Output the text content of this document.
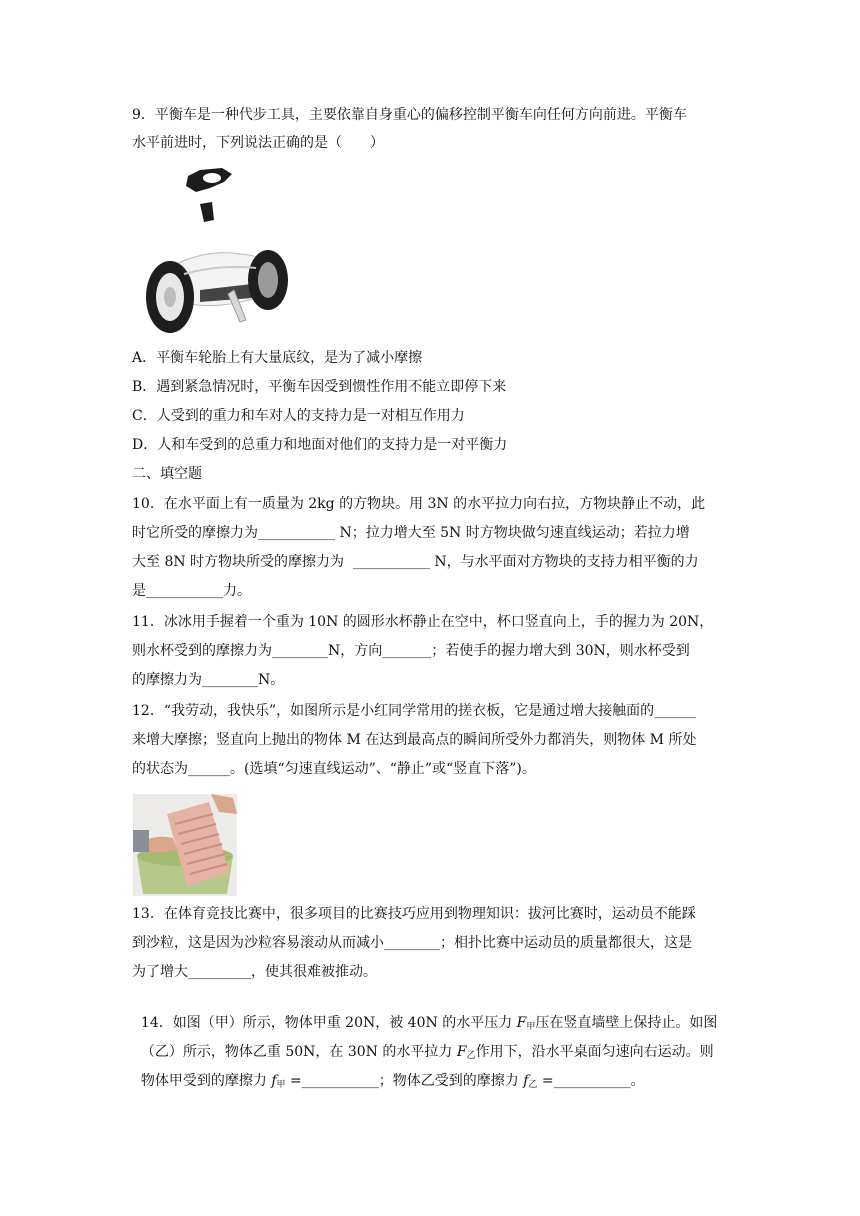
9．平衡车是一种代步工具，主要依靠自身重心的偏移控制平衡车向任何方向前进。平衡车
水平前进时，下列说法正确的是（　　）
A．平衡车轮胎上有大量底纹，是为了减小摩擦
B．遇到紧急情况时，平衡车因受到惯性作用不能立即停下来
C．人受到的重力和车对人的支持力是一对相互作用力
D．人和车受到的总重力和地面对他们的支持力是一对平衡力
二、填空题
10．在水平面上有一质量为 2kg 的方物块。用 3N 的水平拉力向右拉，方物块静止不动，此
时它所受的摩擦力为___________ N；拉力增大至 5N 时方物块做匀速直线运动；若拉力增
大至 8N 时方物块所受的摩擦力为  ___________ N，与水平面对方物块的支持力相平衡的力
是___________力。
11．冰冰用手握着一个重为 10N 的圆形水杯静止在空中，杯口竖直向上，手的握力为 20N，
则水杯受到的摩擦力为________N，方向_______；若使手的握力增大到 30N，则水杯受到
的摩擦力为________N。
12．“我劳动，我快乐”，如图所示是小红同学常用的搓衣板，它是通过增大接触面的______
来增大摩擦；竖直向上抛出的物体 M 在达到最高点的瞬间所受外力都消失，则物体 M 所处
的状态为______。(选填“匀速直线运动”、“静止”或“竖直下落”)。
13．在体育竞技比赛中，很多项目的比赛技巧应用到物理知识：拔河比赛时，运动员不能踩
到沙粒，这是因为沙粒容易滚动从而减小________；相扑比赛中运动员的质量都很大，这是
为了增大_________，使其很难被推动。

14．如图（甲）所示，物体甲重 20N，被 40N 的水平压力 $F_甲$压在竖直墙壁上保持止。如图

（乙）所示，物体乙重 50N，在 30N 的水平拉力 $F_乙$作用下，沿水平桌面匀速向右运动。则

物体甲受到的摩擦力 $f_甲$ =___________；物体乙受到的摩擦力 $f_乙$ =___________。
